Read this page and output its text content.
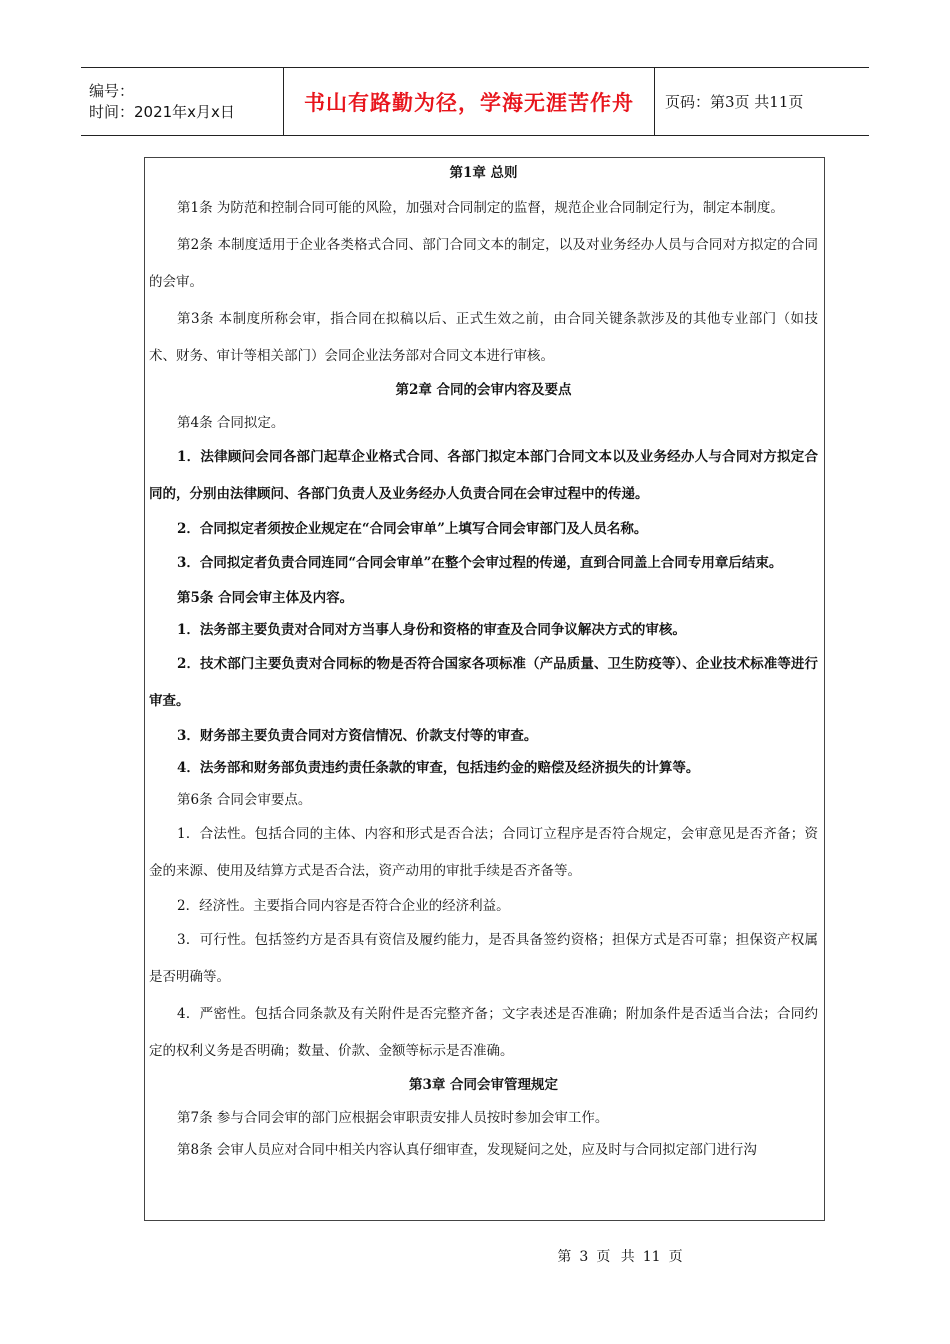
编号：
时间：2021年x月x日	书山有路勤为径，学海无涯苦作舟 页码：第3页 共11页
第1章 总则

第1条 为防范和控制合同可能的风险，加强对合同制定的监督，规范企业合同制定行为，制定本制度。

第2条 本制度适用于企业各类格式合同、部门合同文本的制定，以及对业务经办人员与合同对方拟定的合同的会审。

第3条 本制度所称会审，指合同在拟稿以后、正式生效之前，由合同关键条款涉及的其他专业部门（如技术、财务、审计等相关部门）会同企业法务部对合同文本进行审核。

第2章 合同的会审内容及要点

第4条 合同拟定。

1．法律顾问会同各部门起草企业格式合同、各部门拟定本部门合同文本以及业务经办人与合同对方拟定合同的，分别由法律顾问、各部门负责人及业务经办人负责合同在会审过程中的传递。

2．合同拟定者须按企业规定在“合同会审单”上填写合同会审部门及人员名称。

3．合同拟定者负责合同连同“合同会审单”在整个会审过程的传递，直到合同盖上合同专用章后结束。

第5条 合同会审主体及内容。

1．法务部主要负责对合同对方当事人身份和资格的审查及合同争议解决方式的审核。

2．技术部门主要负责对合同标的物是否符合国家各项标准（产品质量、卫生防疫等）、企业技术标准等进行审查。

3．财务部主要负责合同对方资信情况、价款支付等的审查。

4．法务部和财务部负责违约责任条款的审查，包括违约金的赔偿及经济损失的计算等。

第6条 合同会审要点。

1．合法性。包括合同的主体、内容和形式是否合法；合同订立程序是否符合规定，会审意见是否齐备；资金的来源、使用及结算方式是否合法，资产动用的审批手续是否齐备等。

2．经济性。主要指合同内容是否符合企业的经济利益。

3．可行性。包括签约方是否具有资信及履约能力，是否具备签约资格；担保方式是否可靠；担保资产权属是否明确等。

4．严密性。包括合同条款及有关附件是否完整齐备；文字表述是否准确；附加条件是否适当合法；合同约定的权利义务是否明确；数量、价款、金额等标示是否准确。

第3章 合同会审管理规定

第7条 参与合同会审的部门应根据会审职责安排人员按时参加会审工作。

第8条 会审人员应对合同中相关内容认真仔细审查，发现疑问之处，应及时与合同拟定部门进行沟

第 3 页 共 11 页
